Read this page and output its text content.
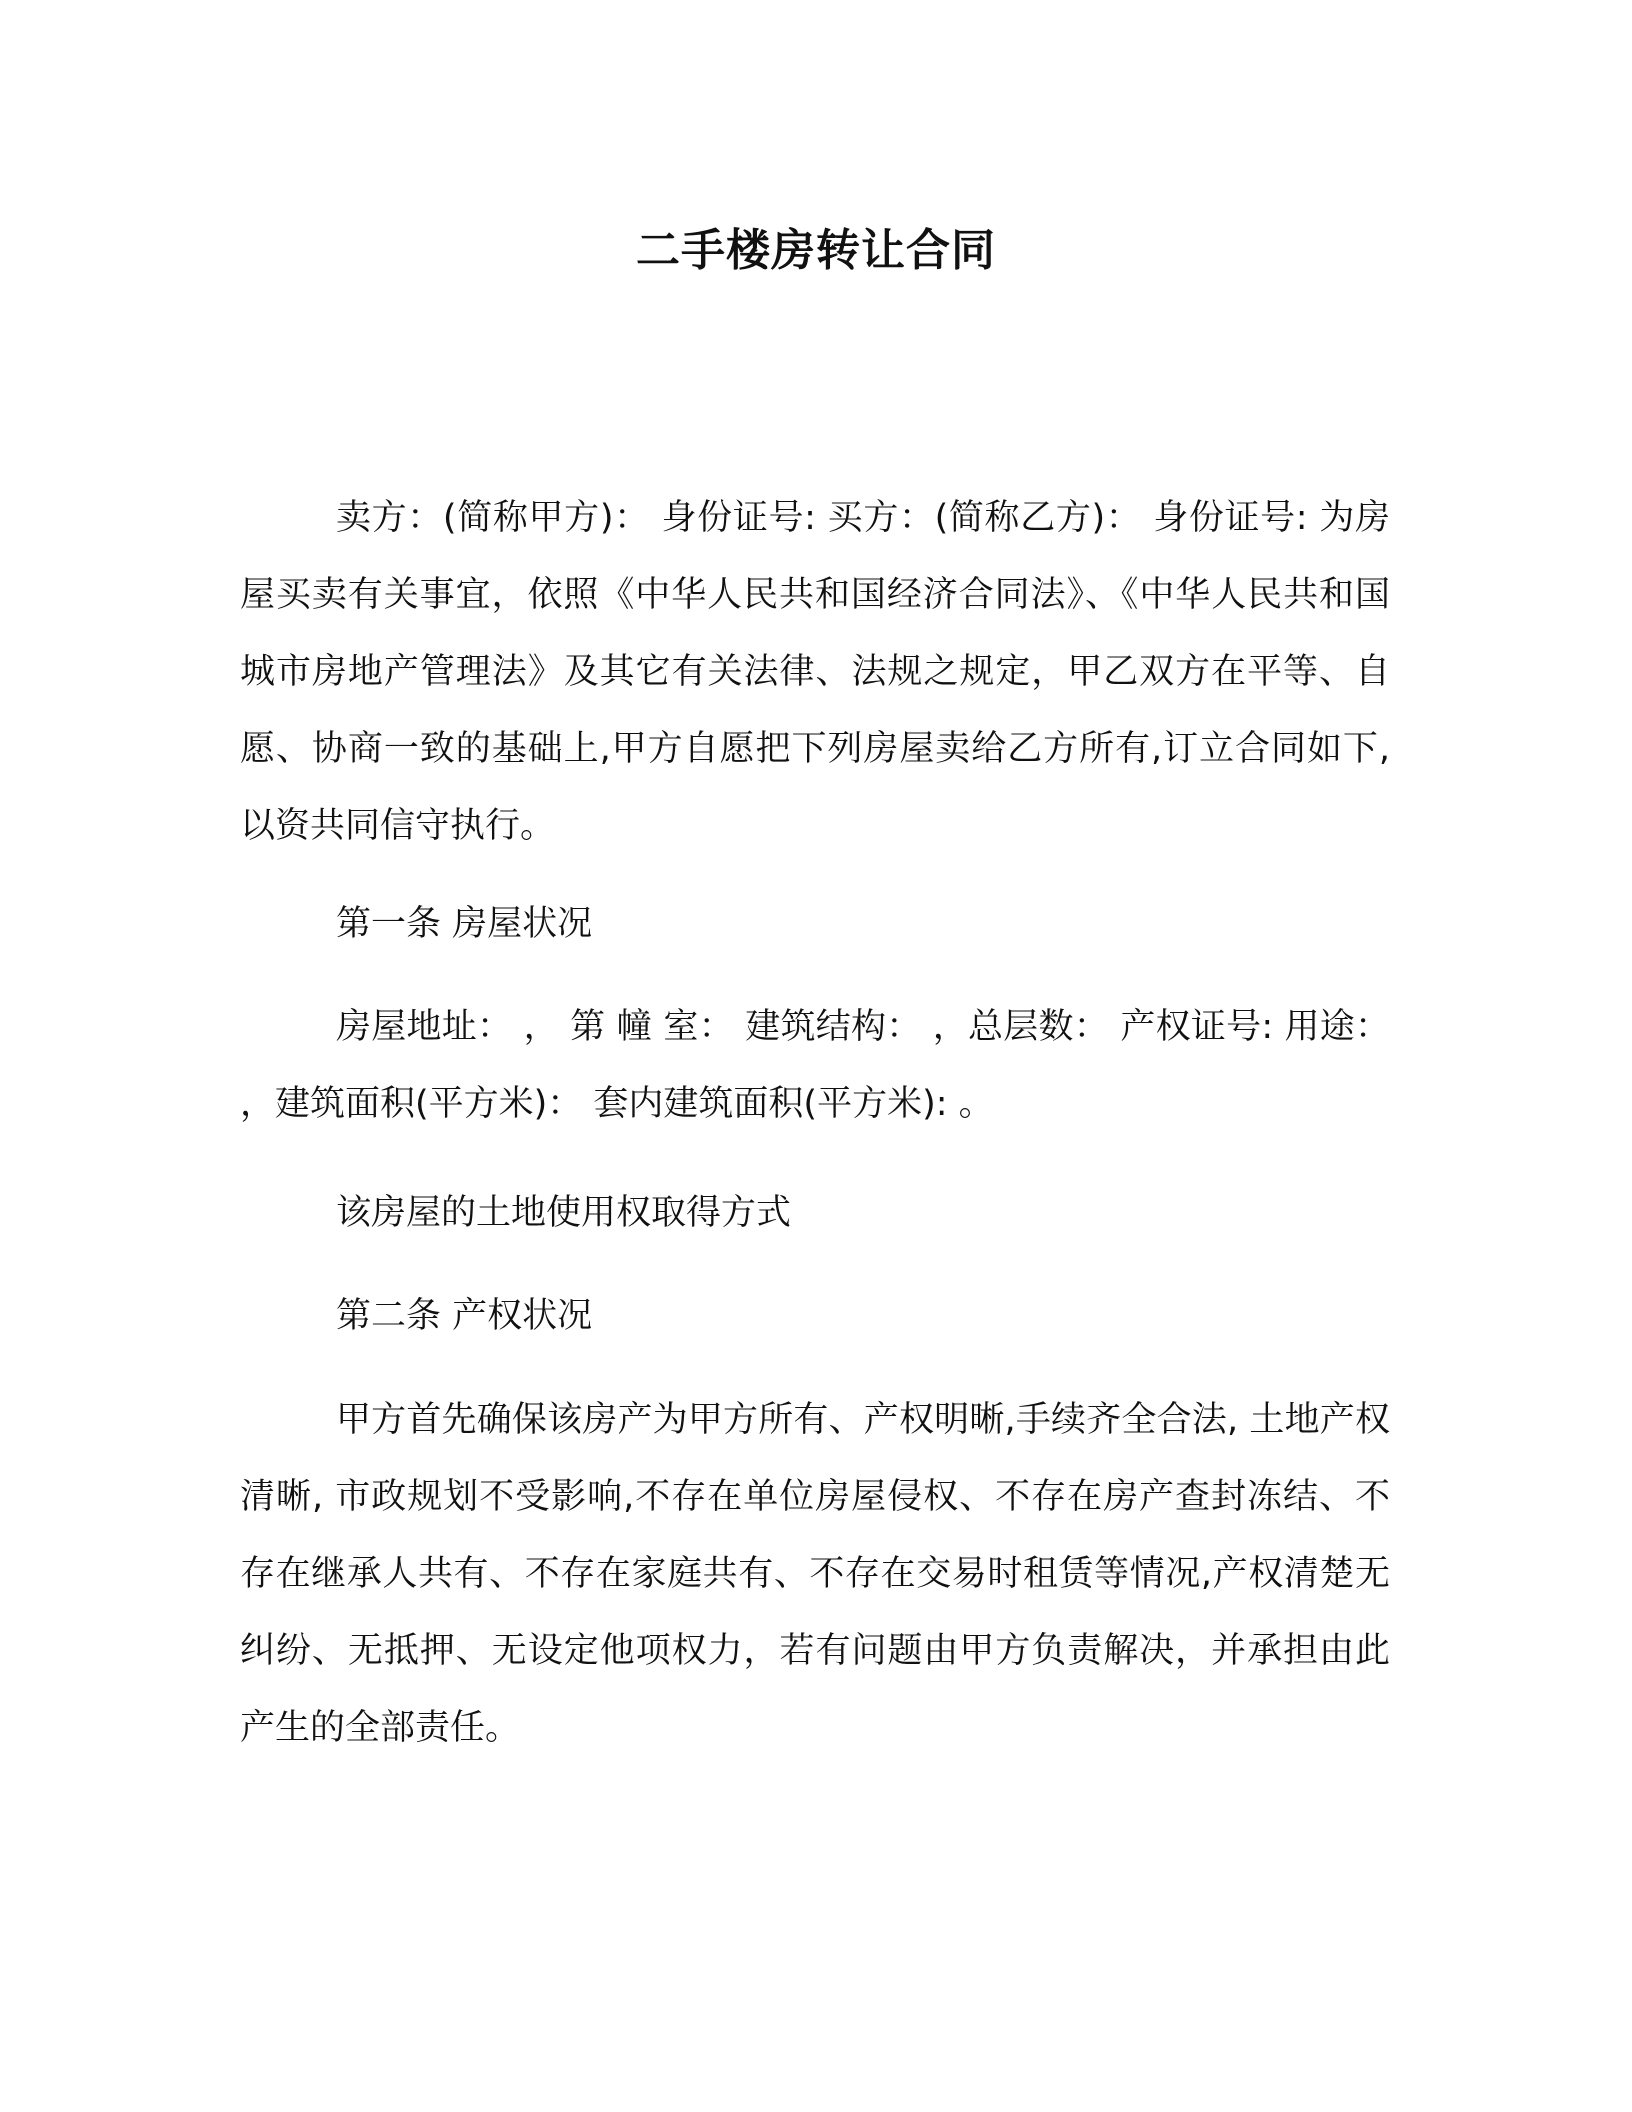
二手楼房转让合同

卖方：(简称甲方)： 身份证号: 买方：(简称乙方)： 身份证号: 为房屋买卖有关事宜，依照《中华人民共和国经济合同法》、《中华人民共和国城市房地产管理法》及其它有关法律、法规之规定，甲乙双方在平等、自愿、协商一致的基础上,甲方自愿把下列房屋卖给乙方所有,订立合同如下, 以资共同信守执行。

第一条 房屋状况

房屋地址： ， 第 幢 室： 建筑结构： ，总层数： 产权证号: 用途： ，建筑面积(平方米)： 套内建筑面积(平方米): 。

该房屋的土地使用权取得方式

第二条 产权状况

甲方首先确保该房产为甲方所有、产权明晰,手续齐全合法, 土地产权清晰, 市政规划不受影响,不存在单位房屋侵权、不存在房产查封冻结、不存在继承人共有、不存在家庭共有、不存在交易时租赁等情况,产权清楚无纠纷、无抵押、无设定他项权力，若有问题由甲方负责解决，并承担由此产生的全部责任。
